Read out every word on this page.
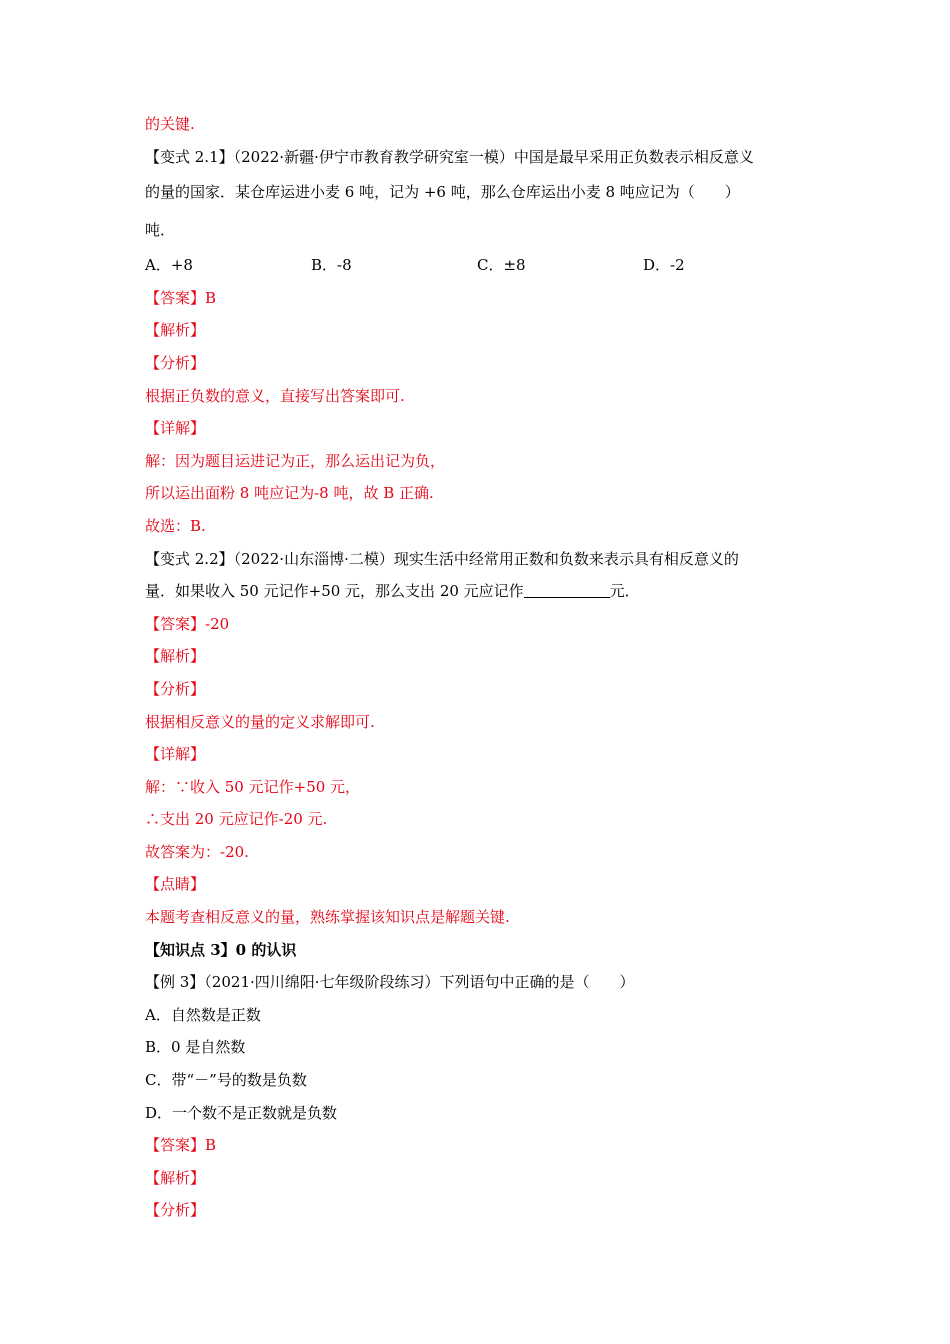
的关键.
【变式 2.1】（2022·新疆·伊宁市教育教学研究室一模）中国是最早采用正负数表示相反意义
的量的国家．某仓库运进小麦 6 吨，记为 +6 吨，那么仓库运出小麦 8 吨应记为（　　）
吨．
A．+8	B．-8	C．±8	D．-2
【答案】B
【解析】
【分析】
根据正负数的意义，直接写出答案即可.
【详解】
解：因为题目运进记为正，那么运出记为负，
所以运出面粉 8 吨应记为-8 吨，故 B 正确.
故选：B.
【变式 2.2】（2022·山东淄博·二模）现实生活中经常用正数和负数来表示具有相反意义的
量．如果收入 50 元记作+50 元，那么支出 20 元应记作	元．
【答案】-20
【解析】
【分析】
根据相反意义的量的定义求解即可.
【详解】
解：∵收入 50 元记作+50 元，
∴支出 20 元应记作-20 元.
故答案为：-20.
【点睛】
本题考查相反意义的量，熟练掌握该知识点是解题关键.
【知识点 3】0 的认识
【例 3】（2021·四川绵阳·七年级阶段练习）下列语句中正确的是（　　）
A．自然数是正数
B．0 是自然数
C．带“－”号的数是负数
D．一个数不是正数就是负数
【答案】B
【解析】
【分析】
